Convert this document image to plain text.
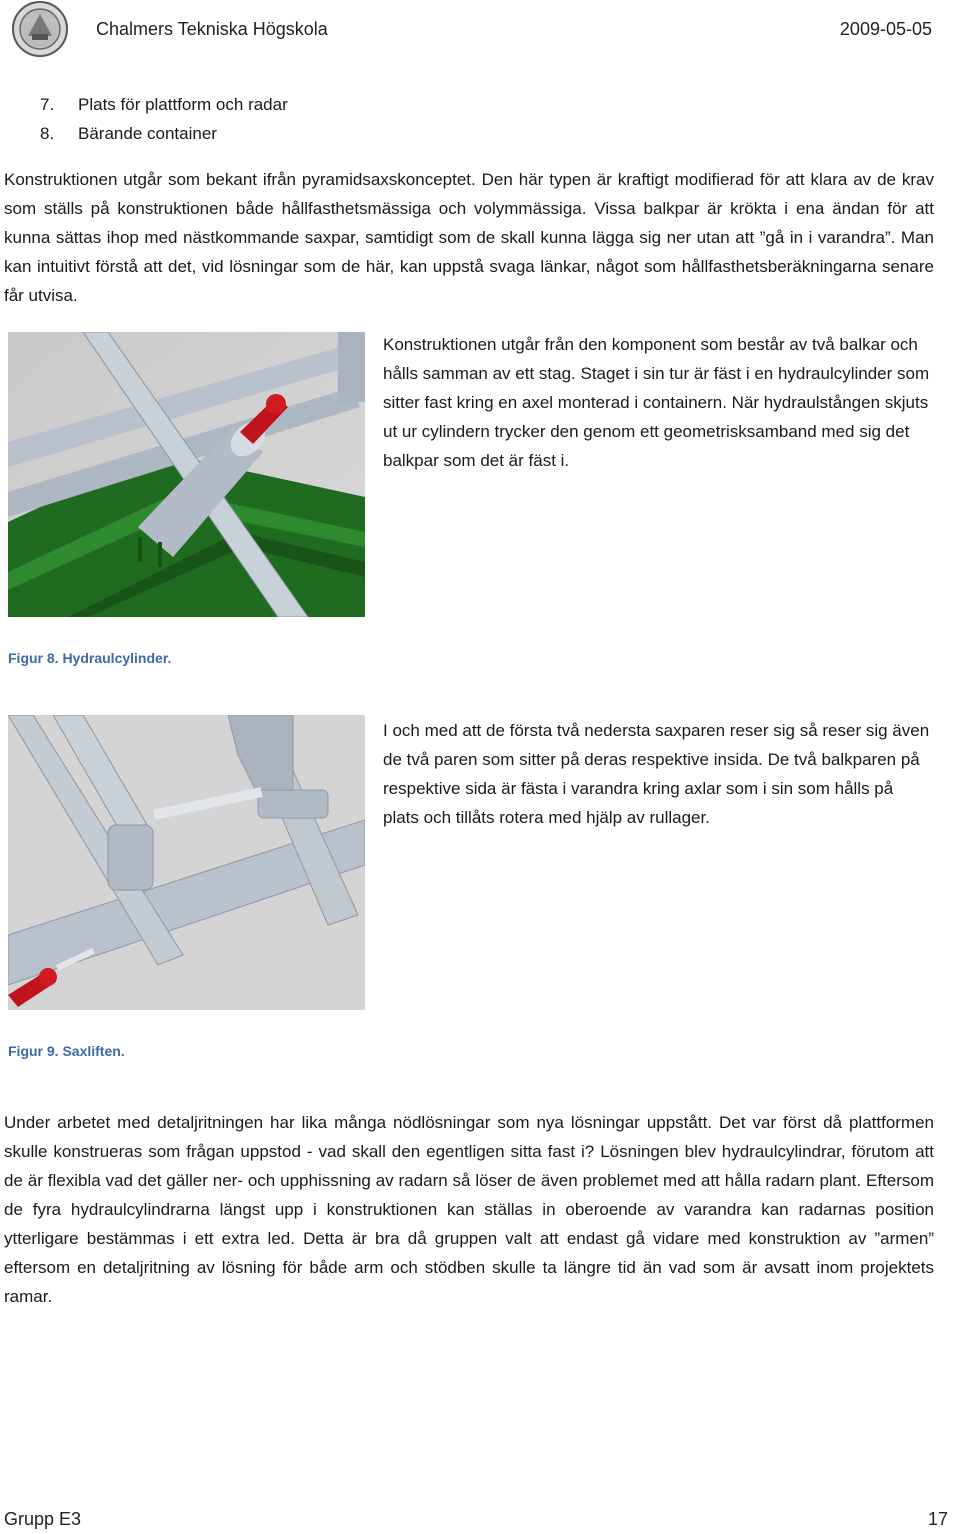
Chalmers Tekniska Högskola	2009-05-05
7. Plats för plattform och radar
8. Bärande container
Konstruktionen utgår som bekant ifrån pyramidsaxskonceptet. Den här typen är kraftigt modifierad för att klara av de krav som ställs på konstruktionen både hållfasthetsmässiga och volymmässiga. Vissa balkpar är krökta i ena ändan för att kunna sättas ihop med nästkommande saxpar, samtidigt som de skall kunna lägga sig ner utan att ”gå in i varandra”. Man kan intuitivt förstå att det, vid lösningar som de här, kan uppstå svaga länkar, något som hållfasthetsberäkningarna senare får utvisa.
Konstruktionen utgår från den komponent som består av två balkar och hålls samman av ett stag. Staget i sin tur är fäst i en hydraulcylinder som sitter fast kring en axel monterad i containern. När hydraulstången skjuts ut ur cylindern trycker den genom ett geometrisksamband med sig det balkpar som det är fäst i.
Figur 8. Hydraulcylinder.
I och med att de första två nedersta saxparen reser sig så reser sig även de två paren som sitter på deras respektive insida. De två balkparen på respektive sida är fästa i varandra kring axlar som i sin som hålls på plats och tillåts rotera med hjälp av rullager.
Figur 9. Saxliften.
Under arbetet med detaljritningen har lika många nödlösningar som nya lösningar uppstått. Det var först då plattformen skulle konstrueras som frågan uppstod - vad skall den egentligen sitta fast i? Lösningen blev hydraulcylindrar, förutom att de är flexibla vad det gäller ner- och upphissning av radarn så löser de även problemet med att hålla radarn plant. Eftersom de fyra hydraulcylindrarna längst upp i konstruktionen kan ställas in oberoende av varandra kan radarnas position ytterligare bestämmas i ett extra led. Detta är bra då gruppen valt att endast gå vidare med konstruktion av ”armen” eftersom en detaljritning av lösning för både arm och stödben skulle ta längre tid än vad som är avsatt inom projektets ramar.
Grupp E3	17
